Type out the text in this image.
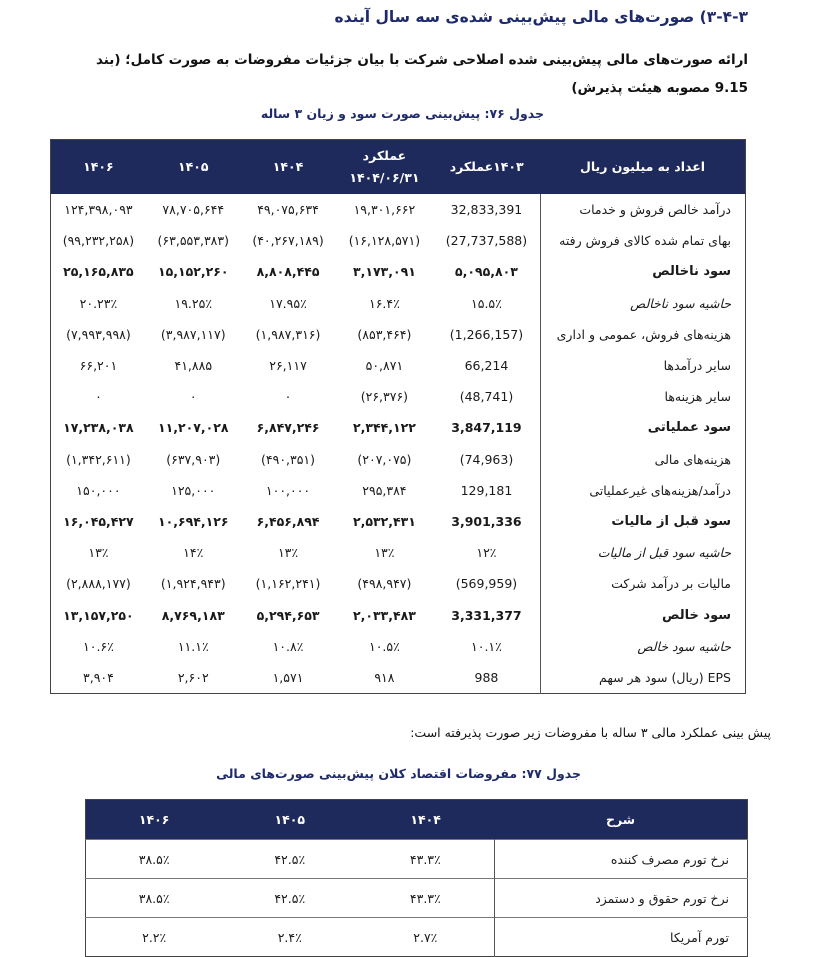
۳-۴-۳) صورت‌های مالی پیش‌بینی شده‌ی سه سال آینده
ارائه صورت‌های مالی پیش‌بینی شده اصلاحی شرکت با بیان جزئیات مفروضات به صورت کامل؛ (بند 9.15 مصوبه هیئت پذیرش)
جدول ۷۶: پیش‌بینی صورت سود و زیان ۳ ساله
اعداد به میلیون ریال	۱۴۰۳عملکرد	عملکرد ۱۴۰۴/۰۶/۳۱	۱۴۰۴	۱۴۰۵	۱۴۰۶
درآمد خالص فروش و خدمات	32,833,391	۱۹,۳۰۱,۶۶۲	۴۹,۰۷۵,۶۳۴	۷۸,۷۰۵,۶۴۴	۱۲۴,۳۹۸,۰۹۳
بهای تمام شده کالای فروش رفته	(27,737,588)	(۱۶,۱۲۸,۵۷۱)	(۴۰,۲۶۷,۱۸۹)	(۶۳,۵۵۳,۳۸۳)	(۹۹,۲۳۲,۲۵۸)
سود ناخالص	۵,۰۹۵,۸۰۳	۳,۱۷۳,۰۹۱	۸,۸۰۸,۴۴۵	۱۵,۱۵۲,۲۶۰	۲۵,۱۶۵,۸۳۵
حاشیه سود ناخالص	۱۵.۵٪	۱۶.۴٪	۱۷.۹۵٪	۱۹.۲۵٪	۲۰.۲۳٪
هزینه‌های فروش، عمومی و اداری	(1,266,157)	(۸۵۳,۴۶۴)	(۱,۹۸۷,۳۱۶)	(۳,۹۸۷,۱۱۷)	(۷,۹۹۳,۹۹۸)
سایر درآمدها	66,214	۵۰,۸۷۱	۲۶,۱۱۷	۴۱,۸۸۵	۶۶,۲۰۱
سایر هزینه‌ها	(48,741)	(۲۶,۳۷۶)	۰	۰	۰
سود عملیاتی	3,847,119	۲,۳۴۴,۱۲۲	۶,۸۴۷,۲۴۶	۱۱,۲۰۷,۰۲۸	۱۷,۲۳۸,۰۳۸
هزینه‌های مالی	(74,963)	(۲۰۷,۰۷۵)	(۴۹۰,۳۵۱)	(۶۳۷,۹۰۳)	(۱,۳۴۲,۶۱۱)
درآمد/هزینه‌های غیرعملیاتی	129,181	۲۹۵,۳۸۴	۱۰۰,۰۰۰	۱۲۵,۰۰۰	۱۵۰,۰۰۰
سود قبل از مالیات	3,901,336	۲,۵۳۲,۴۳۱	۶,۴۵۶,۸۹۴	۱۰,۶۹۴,۱۲۶	۱۶,۰۴۵,۴۲۷
حاشیه سود قبل از مالیات	۱۲٪	۱۳٪	۱۳٪	۱۴٪	۱۳٪
مالیات بر درآمد شرکت	(569,959)	(۴۹۸,۹۴۷)	(۱,۱۶۲,۲۴۱)	(۱,۹۲۴,۹۴۳)	(۲,۸۸۸,۱۷۷)
سود خالص	3,331,377	۲,۰۳۳,۴۸۳	۵,۲۹۴,۶۵۳	۸,۷۶۹,۱۸۳	۱۳,۱۵۷,۲۵۰
حاشیه سود خالص	۱۰.۱٪	۱۰.۵٪	۱۰.۸٪	۱۱.۱٪	۱۰.۶٪
EPS (ریال) سود هر سهم	988	۹۱۸	۱,۵۷۱	۲,۶۰۲	۳,۹۰۴
پیش بینی عملکرد مالی ۳ ساله با مفروضات زیر صورت پذیرفته است:
جدول ۷۷: مفروضات اقتصاد کلان پیش‌بینی صورت‌های مالی
شرح	۱۴۰۴	۱۴۰۵	۱۴۰۶
نرخ تورم مصرف کننده	۴۳.۳٪	۴۲.۵٪	۳۸.۵٪
نرخ تورم حقوق و دستمزد	۴۳.۳٪	۴۲.۵٪	۳۸.۵٪
تورم آمریکا	۲.۷٪	۲.۴٪	۲.۲٪
